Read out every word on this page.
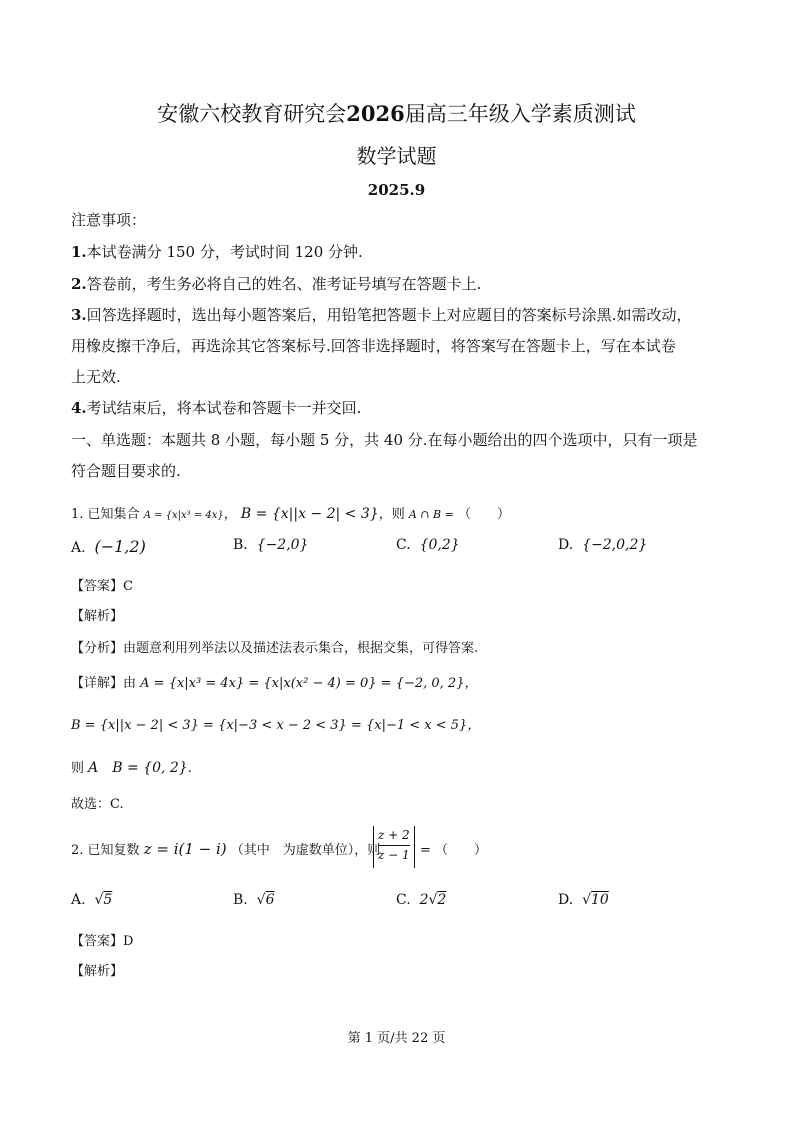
安徽六校教育研究会2026届高三年级入学素质测试
数学试题
2025.9
注意事项：
1.本试卷满分 150 分，考试时间 120 分钟.
2.答卷前，考生务必将自己的姓名、准考证号填写在答题卡上.
3.回答选择题时，选出每小题答案后，用铅笔把答题卡上对应题目的答案标号涂黑.如需改动，
用橡皮擦干净后，再选涂其它答案标号.回答非选择题时，将答案写在答题卡上，写在本试卷
上无效.
4.考试结束后，将本试卷和答题卡一并交回.
一、单选题：本题共 8 小题，每小题 5 分，共 40 分.在每小题给出的四个选项中，只有一项是
符合题目要求的.
1. 已知集合 A = {x|x³ = 4x}， B = {x||x − 2| < 3}，则 A ∩ B = （　　）
A. (−1,2)	B. {−2,0}	C. {0,2}	D. {−2,0,2}
【答案】C
【解析】
【分析】由题意利用列举法以及描述法表示集合，根据交集，可得答案.
【详解】由 A = {x|x³ = 4x} = {x|x(x² − 4) = 0} = {−2, 0, 2}，
B = {x||x − 2| < 3} = {x|−3 < x − 2 < 3} = {x|−1 < x < 5}，
则 A　B = {0, 2}.
故选：C.
2. 已知复数 z = i(1 − i) （其中　为虚数单位），则
$\frac{z + 2}{z - 1}$ = （　　）
A. √5	B. √6	C. 2√2	D. √10
【答案】D
【解析】
第 1 页/共 22 页
